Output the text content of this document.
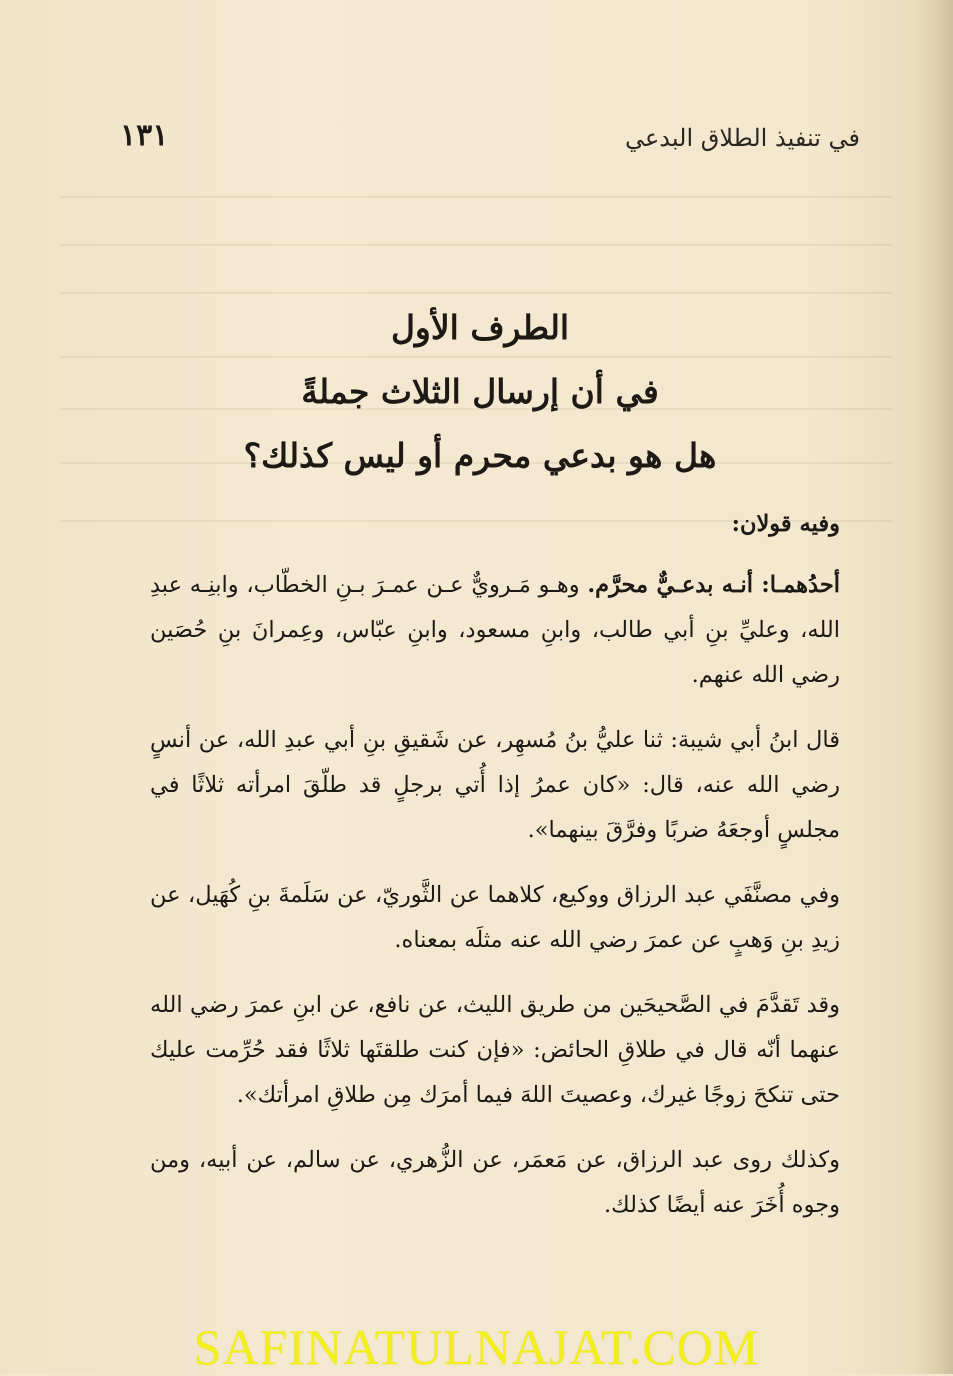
في تنفيذ الطلاق البدعي
١٣١
الطرف الأول
في أن إرسال الثلاث جملةً
هل هو بدعي محرم أو ليس كذلك؟
وفيه قولان:

أحدُهمـا: أنـه بدعـيٌّ محرَّم. وهـو مَـرويٌّ عـن عمـرَ بـنِ الخطّاب، وابنِـه عبدِ الله، وعليِّ بنِ أبي طالب، وابنِ مسعود، وابنِ عبّاس، وعِمرانَ بنِ حُصَين رضي الله عنهم.

قال ابنُ أبي شيبة: ثنا عليُّ بنُ مُسهِر، عن شَقيقِ بنِ أبي عبدِ الله، عن أنسٍ رضي الله عنه، قال: «كان عمرُ إذا أُتي برجلٍ قد طلّقَ امرأته ثلاثًا في مجلسٍ أوجعَهُ ضربًا وفرَّقَ بينهما».

وفي مصنَّفَي عبد الرزاق ووكيع، كلاهما عن الثَّوريّ، عن سَلَمةَ بنِ كُهَيل، عن زيدِ بنِ وَهبٍ عن عمرَ رضي الله عنه مثلَه بمعناه.

وقد تَقدَّمَ في الصَّحيحَين من طريق الليث، عن نافع، عن ابنِ عمرَ رضي الله عنهما أنّه قال في طلاقِ الحائض: «فإن كنت طلقتَها ثلاثًا فقد حُرِّمت عليك حتى تنكحَ زوجًا غيرك، وعصيتَ اللهَ فيما أمرَك مِن طلاقِ امرأتك».

وكذلك روى عبد الرزاق، عن مَعمَر، عن الزُّهري، عن سالم، عن أبيه، ومن وجوه أُخَرَ عنه أيضًا كذلك.

SAFINATULNAJAT.COM
